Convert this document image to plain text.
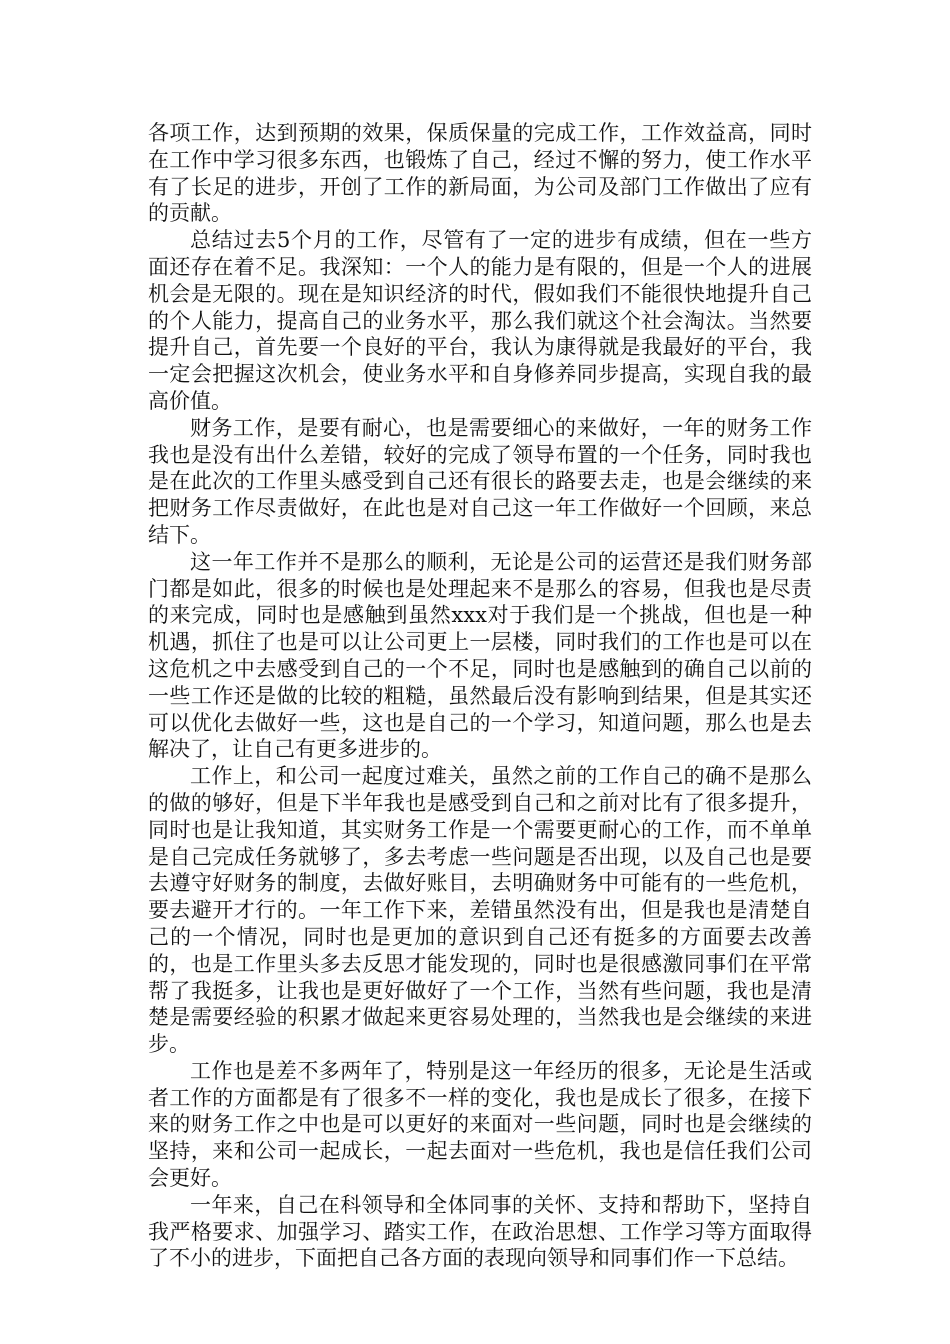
各项工作，达到预期的效果，保质保量的完成工作，工作效益高，同时在工作中学习很多东西，也锻炼了自己，经过不懈的努力，使工作水平有了长足的进步，开创了工作的新局面，为公司及部门工作做出了应有的贡献。

总结过去5个月的工作，尽管有了一定的进步有成绩，但在一些方面还存在着不足。我深知：一个人的能力是有限的，但是一个人的进展机会是无限的。现在是知识经济的时代，假如我们不能很快地提升自己的个人能力，提高自己的业务水平，那么我们就这个社会淘汰。当然要提升自己，首先要一个良好的平台，我认为康得就是我最好的平台，我一定会把握这次机会，使业务水平和自身修养同步提高，实现自我的最高价值。

财务工作，是要有耐心，也是需要细心的来做好，一年的财务工作我也是没有出什么差错，较好的完成了领导布置的一个任务，同时我也是在此次的工作里头感受到自己还有很长的路要去走，也是会继续的来把财务工作尽责做好，在此也是对自己这一年工作做好一个回顾，来总结下。

这一年工作并不是那么的顺利，无论是公司的运营还是我们财务部门都是如此，很多的时候也是处理起来不是那么的容易，但我也是尽责的来完成，同时也是感触到虽然xxx对于我们是一个挑战，但也是一种机遇，抓住了也是可以让公司更上一层楼，同时我们的工作也是可以在这危机之中去感受到自己的一个不足，同时也是感触到的确自己以前的一些工作还是做的比较的粗糙，虽然最后没有影响到结果，但是其实还可以优化去做好一些，这也是自己的一个学习，知道问题，那么也是去解决了，让自己有更多进步的。

工作上，和公司一起度过难关，虽然之前的工作自己的确不是那么的做的够好，但是下半年我也是感受到自己和之前对比有了很多提升，同时也是让我知道，其实财务工作是一个需要更耐心的工作，而不单单是自己完成任务就够了，多去考虑一些问题是否出现，以及自己也是要去遵守好财务的制度，去做好账目，去明确财务中可能有的一些危机，要去避开才行的。一年工作下来，差错虽然没有出，但是我也是清楚自己的一个情况，同时也是更加的意识到自己还有挺多的方面要去改善的，也是工作里头多去反思才能发现的，同时也是很感激同事们在平常帮了我挺多，让我也是更好做好了一个工作，当然有些问题，我也是清楚是需要经验的积累才做起来更容易处理的，当然我也是会继续的来进步。

工作也是差不多两年了，特别是这一年经历的很多，无论是生活或者工作的方面都是有了很多不一样的变化，我也是成长了很多，在接下来的财务工作之中也是可以更好的来面对一些问题，同时也是会继续的坚持，来和公司一起成长，一起去面对一些危机，我也是信任我们公司会更好。

一年来，自己在科领导和全体同事的关怀、支持和帮助下，坚持自我严格要求、加强学习、踏实工作，在政治思想、工作学习等方面取得了不小的进步，下面把自己各方面的表现向领导和同事们作一下总结。
